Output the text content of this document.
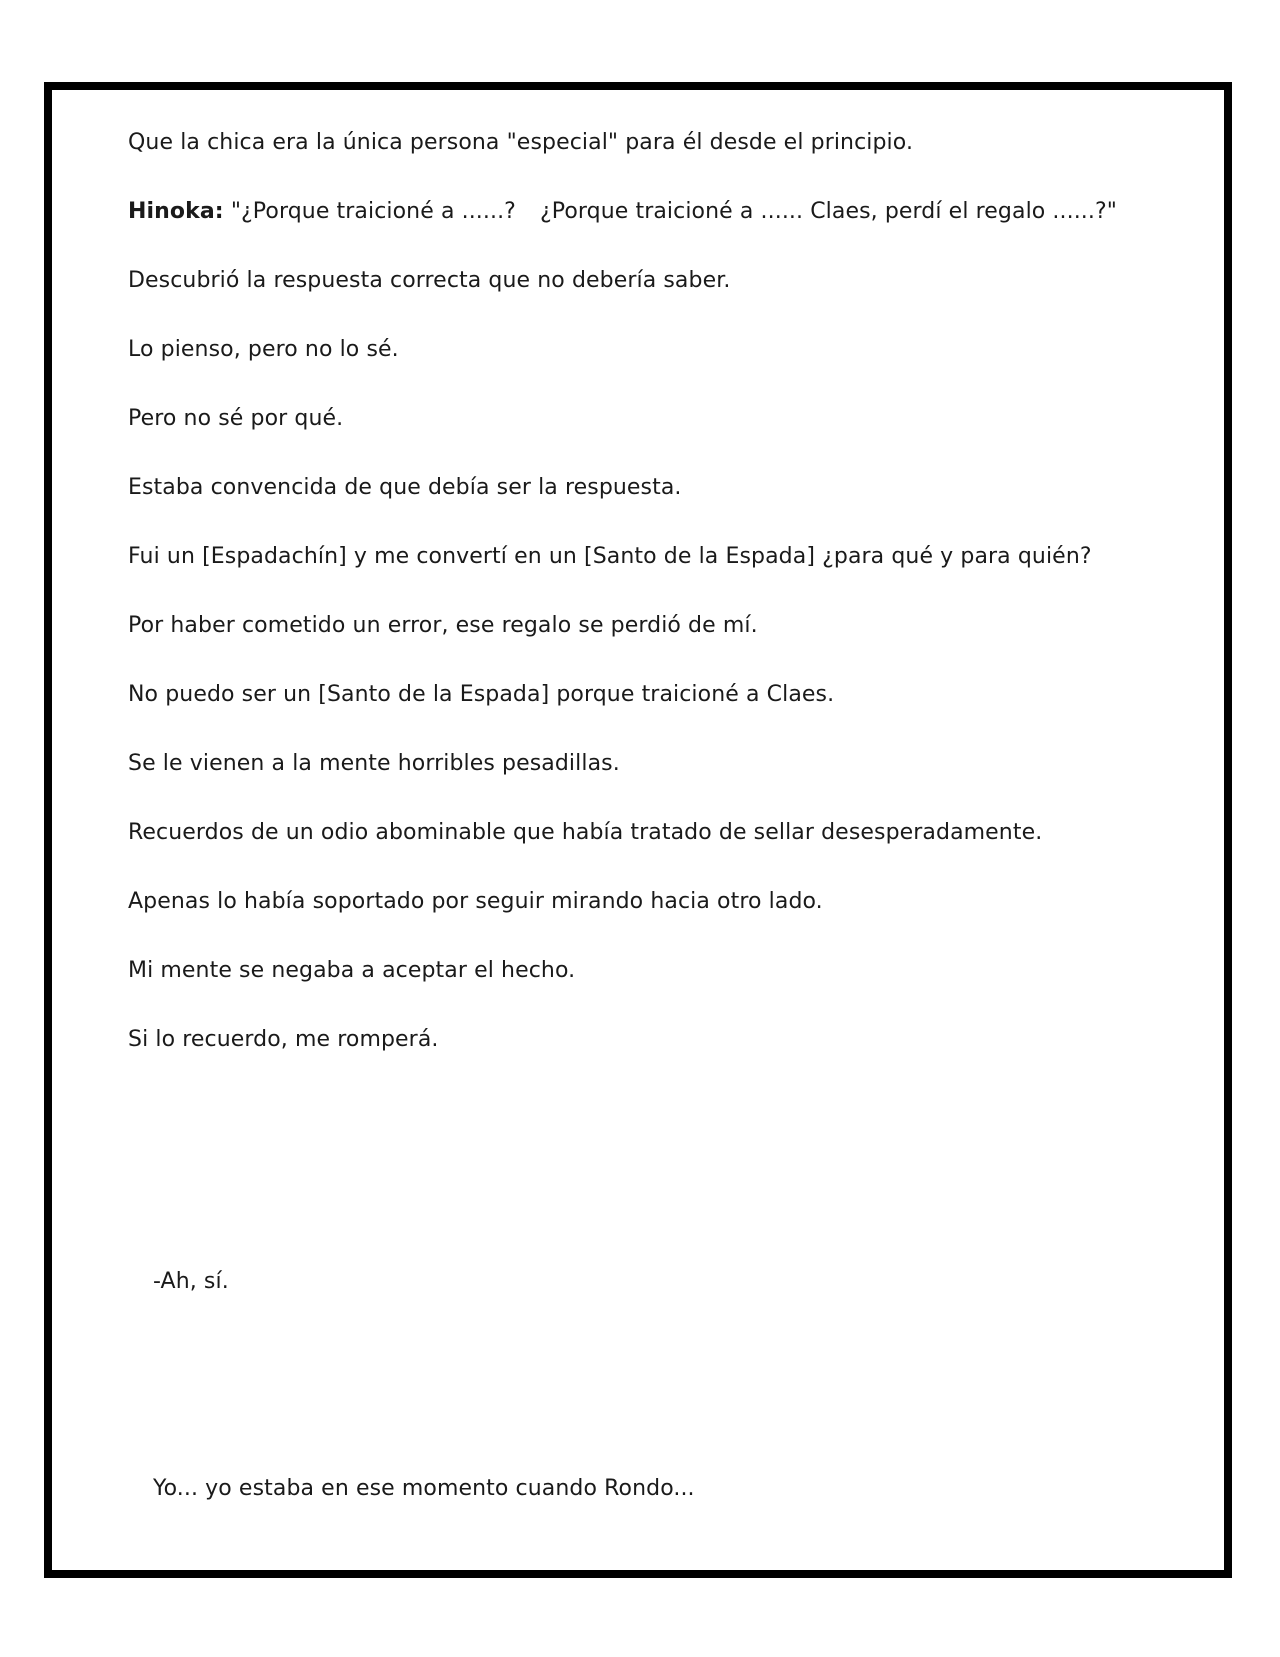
Que la chica era la única persona "especial" para él desde el principio.
Hinoka: "¿Porque traicioné a ......? ¿Porque traicioné a ...... Claes, perdí el regalo ......?"
Descubrió la respuesta correcta que no debería saber.
Lo pienso, pero no lo sé.
Pero no sé por qué.
Estaba convencida de que debía ser la respuesta.
Fui un [Espadachín] y me convertí en un [Santo de la Espada] ¿para qué y para quién?
Por haber cometido un error, ese regalo se perdió de mí.
No puedo ser un [Santo de la Espada] porque traicioné a Claes.
Se le vienen a la mente horribles pesadillas.
Recuerdos de un odio abominable que había tratado de sellar desesperadamente.
Apenas lo había soportado por seguir mirando hacia otro lado.
Mi mente se negaba a aceptar el hecho.
Si lo recuerdo, me romperá.
-Ah, sí.
Yo... yo estaba en ese momento cuando Rondo...
